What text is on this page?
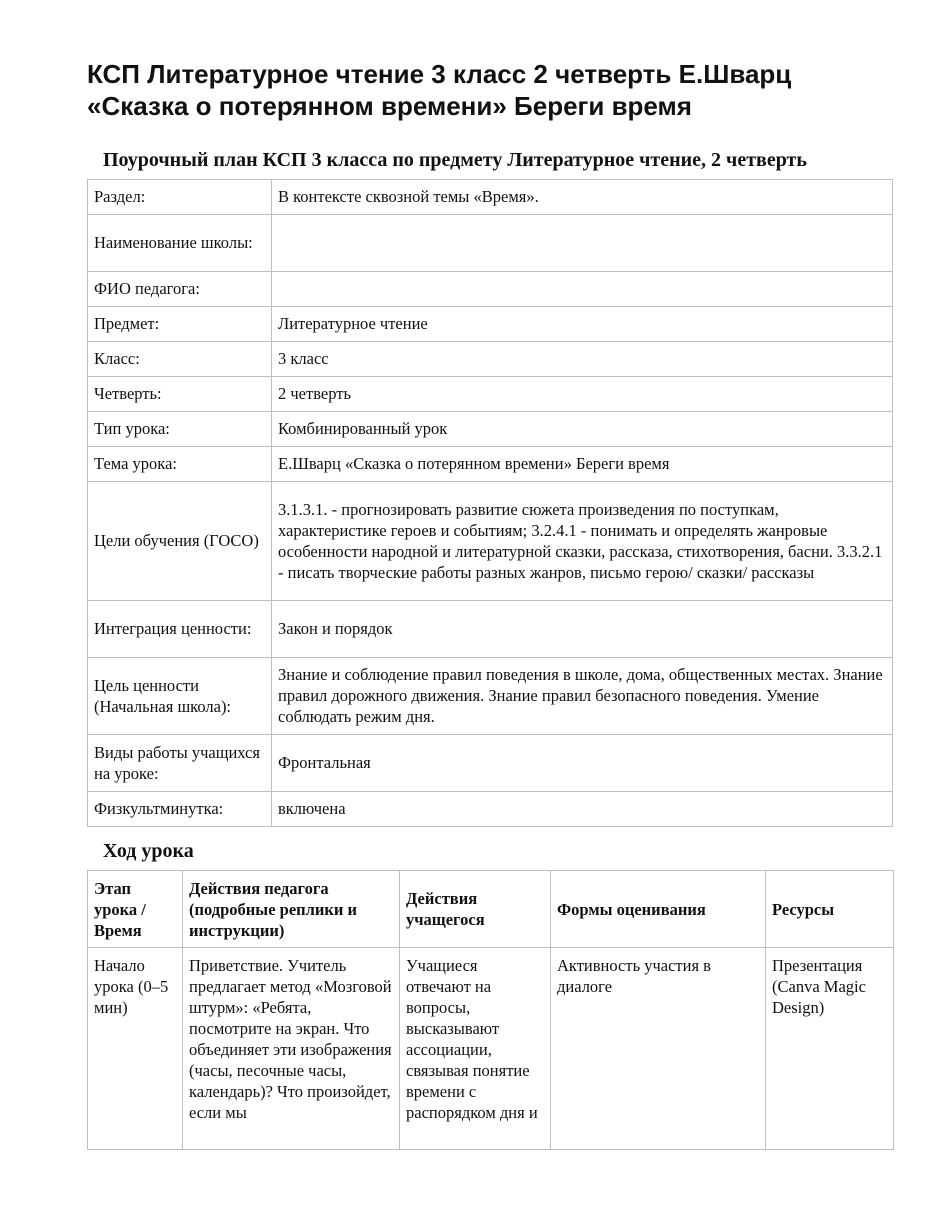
КСП Литературное чтение 3 класс 2 четверть Е.Шварц
«Сказка о потерянном времени» Береги время
Поурочный план КСП 3 класса по предмету Литературное чтение, 2 четверть
Раздел:	В контексте сквозной темы «Время».
Наименование школы:	
ФИО педагога:	
Предмет:	Литературное чтение
Класс:	3 класс
Четверть:	2 четверть
Тип урока:	Комбинированный урок
Тема урока:	Е.Шварц «Сказка о потерянном времени» Береги время
Цели обучения (ГОСО)	3.1.3.1. - прогнозировать развитие сюжета произведения по поступкам, характеристике героев и событиям; 3.2.4.1 - понимать и определять жанровые особенности народной и литературной сказки, рассказа, стихотворения, басни. 3.3.2.1 - писать творческие работы разных жанров, письмо герою/ сказки/ рассказы
Интеграция ценности:	Закон и порядок
Цель ценности (Начальная школа):	Знание и соблюдение правил поведения в школе, дома, общественных местах. Знание правил дорожного движения. Знание правил безопасного поведения. Умение соблюдать режим дня.
Виды работы учащихся на уроке:	Фронтальная
Физкультминутка:	включена
Ход урока
Этап урока / Время	Действия педагога (подробные реплики и инструкции)	Действия учащегося	Формы оценивания	Ресурсы
Начало урока (0–5 мин)	Приветствие. Учитель предлагает метод «Мозговой штурм»: «Ребята, посмотрите на экран. Что объединяет эти изображения (часы, песочные часы, календарь)? Что произойдет, если мы	Учащиеся отвечают на вопросы, высказывают ассоциации, связывая понятие времени с распорядком дня и	Активность участия в диалоге	Презентация (Canva Magic Design)
